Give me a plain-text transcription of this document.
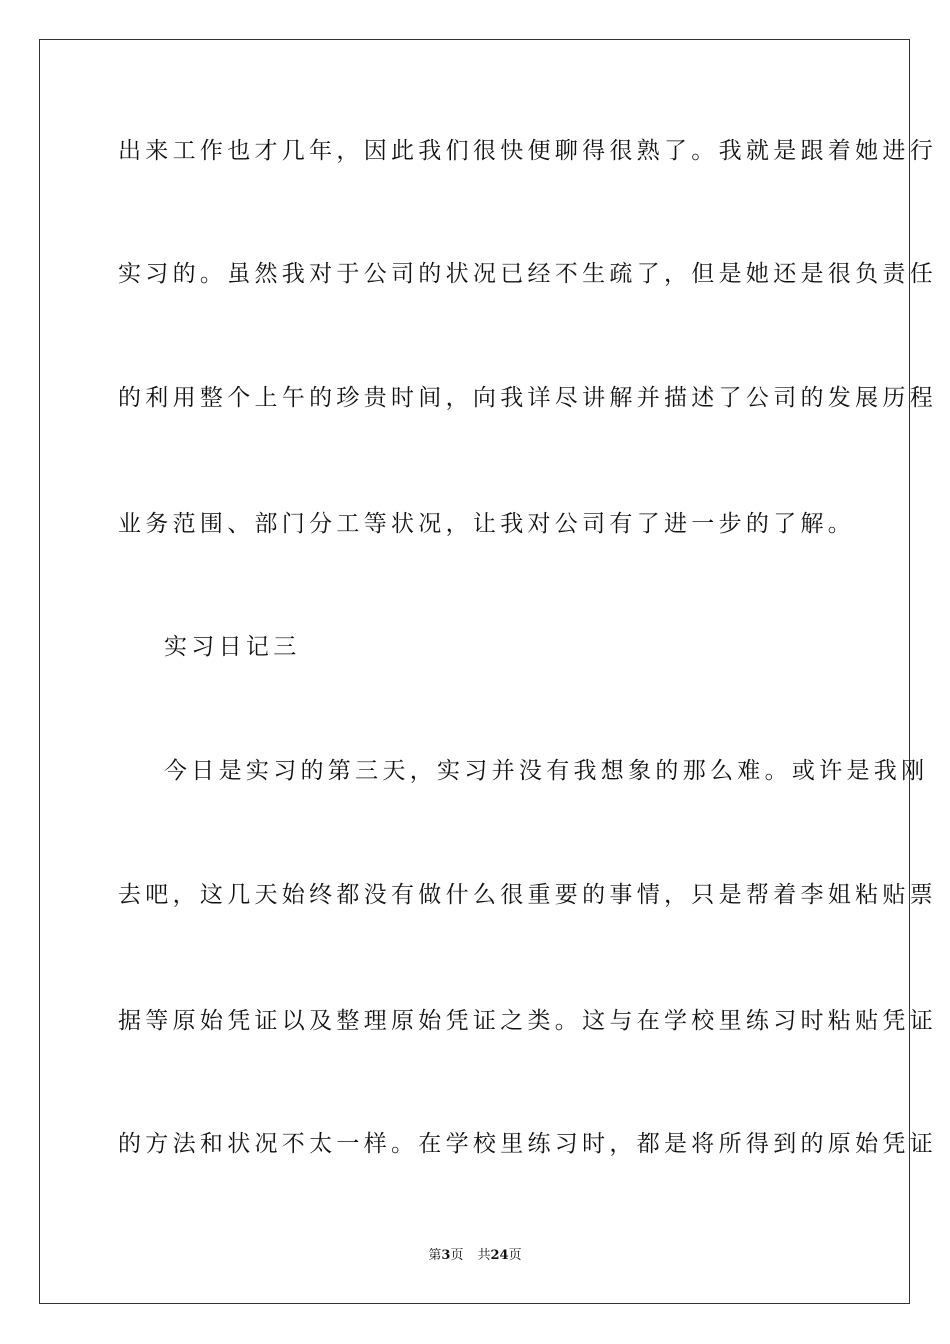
出来工作也才几年，因此我们很快便聊得很熟了。我就是跟着她进行
实习的。虽然我对于公司的状况已经不生疏了，但是她还是很负责任
的利用整个上午的珍贵时间，向我详尽讲解并描述了公司的发展历程
业务范围、部门分工等状况，让我对公司有了进一步的了解。
实习日记三
今日是实习的第三天，实习并没有我想象的那么难。或许是我刚
去吧，这几天始终都没有做什么很重要的事情，只是帮着李姐粘贴票
据等原始凭证以及整理原始凭证之类。这与在学校里练习时粘贴凭证
的方法和状况不太一样。在学校里练习时，都是将所得到的原始凭证
第3页 共24页
